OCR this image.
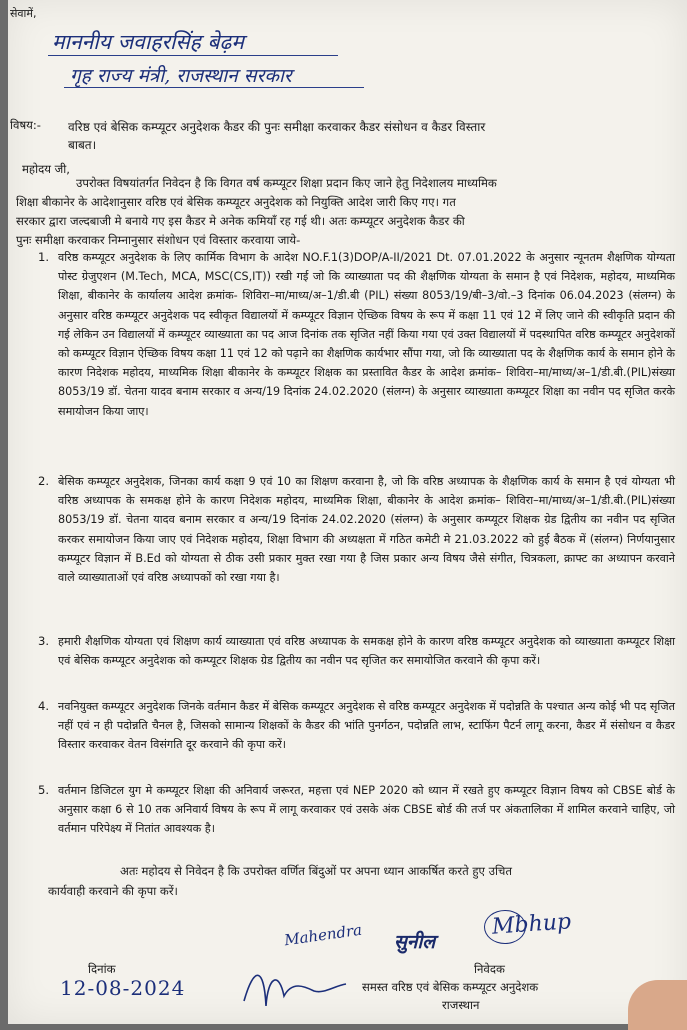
सेवामें,
माननीय जवाहरसिंह बेढ़म
गृह राज्य मंत्री, राजस्थान सरकार
विषय:- वरिष्ठ एवं बेसिक कम्प्यूटर अनुदेशक कैडर की पुनः समीक्षा करवाकर कैडर संसोधन व कैडर विस्तार
बाबत।
महोदय जी,
उपरोक्त विषयांतर्गत निवेदन है कि विगत वर्ष कम्प्यूटर शिक्षा प्रदान किए जाने हेतु निदेशालय माध्यमिक
शिक्षा बीकानेर के आदेशानुसार वरिष्ठ एवं बेसिक कम्प्यूटर अनुदेशक को नियुक्ति आदेश जारी किए गए। गत
सरकार द्वारा जल्दबाजी मे बनाये गए इस कैडर मे अनेक कमियाँ रह गई थी। अतः कम्प्यूटर अनुदेशक कैडर की
पुनः समीक्षा करवाकर निम्नानुसार संशोधन एवं विस्तार करवाया जाये-
1. वरिष्ठ कम्प्यूटर अनुदेशक के लिए कार्मिक विभाग के आदेश NO.F.1(3)DOP/A-II/2021 Dt. 07.01.2022 के अनुसार न्यूनतम शैक्षणिक योग्यता पोस्ट ग्रेजुएशन (M.Tech, MCA, MSC(CS,IT)) रखी गई जो कि व्याख्याता पद की शैक्षणिक योग्यता के समान है एवं निदेशक, महोदय, माध्यमिक शिक्षा, बीकानेर के कार्यालय आदेश क्रमांक- शिविरा–मा/माध्य/अ–1/डी.बी (PIL) संख्या 8053/19/बी–3/वो.–3 दिनांक 06.04.2023 (संलग्न) के अनुसार वरिष्ठ कम्प्यूटर अनुदेशक पद स्वीकृत विद्यालयों में कम्प्यूटर विज्ञान ऐच्छिक विषय के रूप में कक्षा 11 एवं 12 में लिए जाने की स्वीकृति प्रदान की गई लेकिन उन विद्यालयों में कम्प्यूटर व्याख्याता का पद आज दिनांक तक सृजित नहीं किया गया एवं उक्त विद्यालयों में पदस्थापित वरिष्ठ कम्प्यूटर अनुदेशकों को कम्प्यूटर विज्ञान ऐच्छिक विषय कक्षा 11 एवं 12 को पढ़ाने का शैक्षणिक कार्यभार सौंपा गया, जो कि व्याख्याता पद के शैक्षणिक कार्य के समान होने के कारण निदेशक महोदय, माध्यमिक शिक्षा बीकानेर के कम्प्यूटर शिक्षक का प्रस्तावित कैडर के आदेश क्रमांक– शिविरा–मा/माध्य/अ–1/डी.बी.(PIL)संख्या 8053/19 डॉ. चेतना यादव बनाम सरकार व अन्य/19 दिनांक 24.02.2020 (संलग्न) के अनुसार व्याख्याता कम्प्यूटर शिक्षा का नवीन पद सृजित करके समायोजन किया जाए।
2. बेसिक कम्प्यूटर अनुदेशक, जिनका कार्य कक्षा 9 एवं 10 का शिक्षण करवाना है, जो कि वरिष्ठ अध्यापक के शैक्षणिक कार्य के समान है एवं योग्यता भी वरिष्ठ अध्यापक के समकक्ष होने के कारण निदेशक महोदय, माध्यमिक शिक्षा, बीकानेर के आदेश क्रमांक– शिविरा–मा/माध्य/अ–1/डी.बी.(PIL)संख्या 8053/19 डॉ. चेतना यादव बनाम सरकार व अन्य/19 दिनांक 24.02.2020 (संलग्न) के अनुसार कम्प्यूटर शिक्षक ग्रेड द्वितीय का नवीन पद सृजित करकर समायोजन किया जाए एवं निदेशक महोदय, शिक्षा विभाग की अध्यक्षता में गठित कमेटी मे 21.03.2022 को हुई बैठक में (संलग्न) निर्णयानुसार कम्प्यूटर विज्ञान में B.Ed को योग्यता से ठीक उसी प्रकार मुक्त रखा गया है जिस प्रकार अन्य विषय जैसे संगीत, चित्रकला, क्राफ्ट का अध्यापन करवाने वाले व्याख्याताओं एवं वरिष्ठ अध्यापकों को रखा गया है।
3. हमारी शैक्षणिक योग्यता एवं शिक्षण कार्य व्याख्याता एवं वरिष्ठ अध्यापक के समकक्ष होने के कारण वरिष्ठ कम्प्यूटर अनुदेशक को व्याख्याता कम्प्यूटर शिक्षा एवं बेसिक कम्प्यूटर अनुदेशक को कम्प्यूटर शिक्षक ग्रेड द्वितीय का नवीन पद सृजित कर समायोजित करवाने की कृपा करें।
4. नवनियुक्त कम्प्यूटर अनुदेशक जिनके वर्तमान कैडर में बेसिक कम्प्यूटर अनुदेशक से वरिष्ठ कम्प्यूटर अनुदेशक में पदोन्नति के पश्चात अन्य कोई भी पद सृजित नहीं एवं न ही पदोन्नति चैनल है, जिसको सामान्य शिक्षकों के कैडर की भांति पुनर्गठन, पदोन्नति लाभ, स्टाफिंग पैटर्न लागू करना, कैडर में संसोधन व कैडर विस्तार करवाकर वेतन विसंगति दूर करवाने की कृपा करें।
5. वर्तमान डिजिटल युग मे कम्प्यूटर शिक्षा की अनिवार्य जरूरत, महत्ता एवं NEP 2020 को ध्यान में रखते हुए कम्प्यूटर विज्ञान विषय को CBSE बोर्ड के अनुसार कक्षा 6 से 10 तक अनिवार्य विषय के रूप में लागू करवाकर एवं उसके अंक CBSE बोर्ड की तर्ज पर अंकतालिका में शामिल करवाने चाहिए, जो वर्तमान परिपेक्ष्य में नितांत आवश्यक है।
अतः महोदय से निवेदन है कि उपरोक्त वर्णित बिंदुओं पर अपना ध्यान आकर्षित करते हुए उचित
कार्यवाही करवाने की कृपा करें।
Mahendra सुनील
Mbhup
दिनांक
12-08-2024
निवेदक
समस्त वरिष्ठ एवं बेसिक कम्प्यूटर अनुदेशक
राजस्थान
